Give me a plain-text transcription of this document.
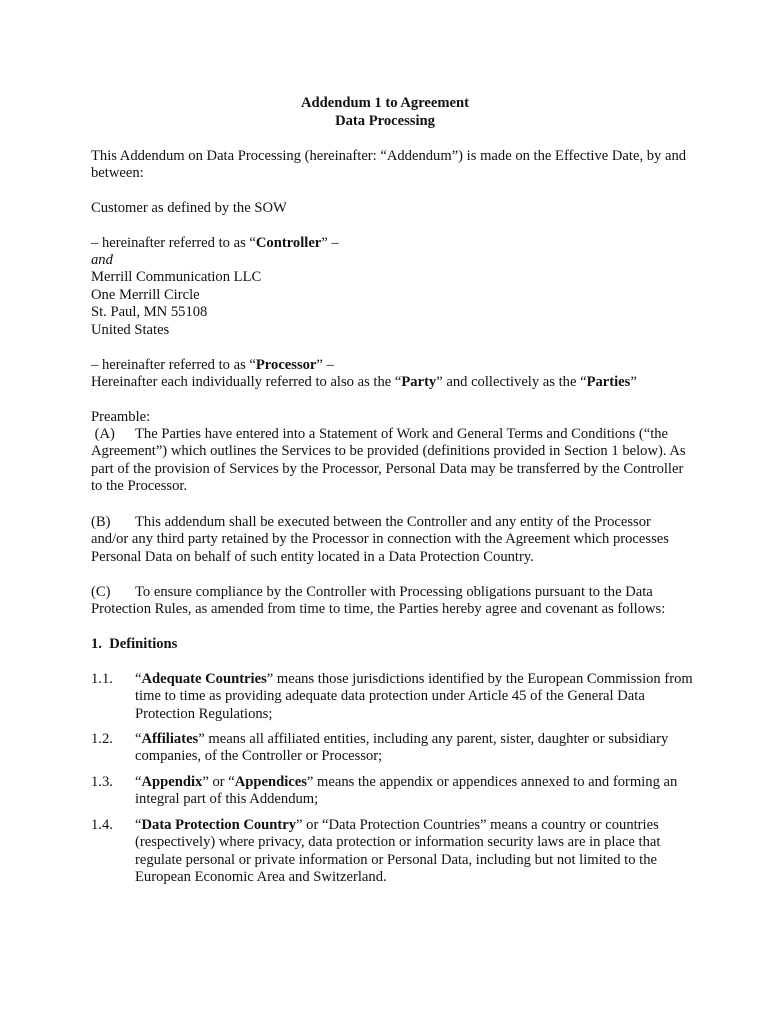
Addendum 1 to Agreement
Data Processing
This Addendum on Data Processing (hereinafter: “Addendum”) is made on the Effective Date, by and between:
Customer as defined by the SOW
– hereinafter referred to as “Controller” –
and
Merrill Communication LLC
One Merrill Circle
St. Paul, MN 55108
United States
– hereinafter referred to as “Processor” –
Hereinafter each individually referred to also as the “Party” and collectively as the “Parties”
Preamble:
(A) The Parties have entered into a Statement of Work and General Terms and Conditions (“the Agreement”) which outlines the Services to be provided (definitions provided in Section 1 below). As part of the provision of Services by the Processor, Personal Data may be transferred by the Controller to the Processor.
(B) This addendum shall be executed between the Controller and any entity of the Processor and/or any third party retained by the Processor in connection with the Agreement which processes Personal Data on behalf of such entity located in a Data Protection Country.
(C) To ensure compliance by the Controller with Processing obligations pursuant to the Data Protection Rules, as amended from time to time, the Parties hereby agree and covenant as follows:
1.  Definitions
1.1. “Adequate Countries” means those jurisdictions identified by the European Commission from time to time as providing adequate data protection under Article 45 of the General Data Protection Regulations;
1.2. “Affiliates” means all affiliated entities, including any parent, sister, daughter or subsidiary companies, of the Controller or Processor;
1.3. “Appendix” or “Appendices” means the appendix or appendices annexed to and forming an integral part of this Addendum;
1.4. “Data Protection Country” or “Data Protection Countries” means a country or countries (respectively) where privacy, data protection or information security laws are in place that regulate personal or private information or Personal Data, including but not limited to the European Economic Area and Switzerland.
